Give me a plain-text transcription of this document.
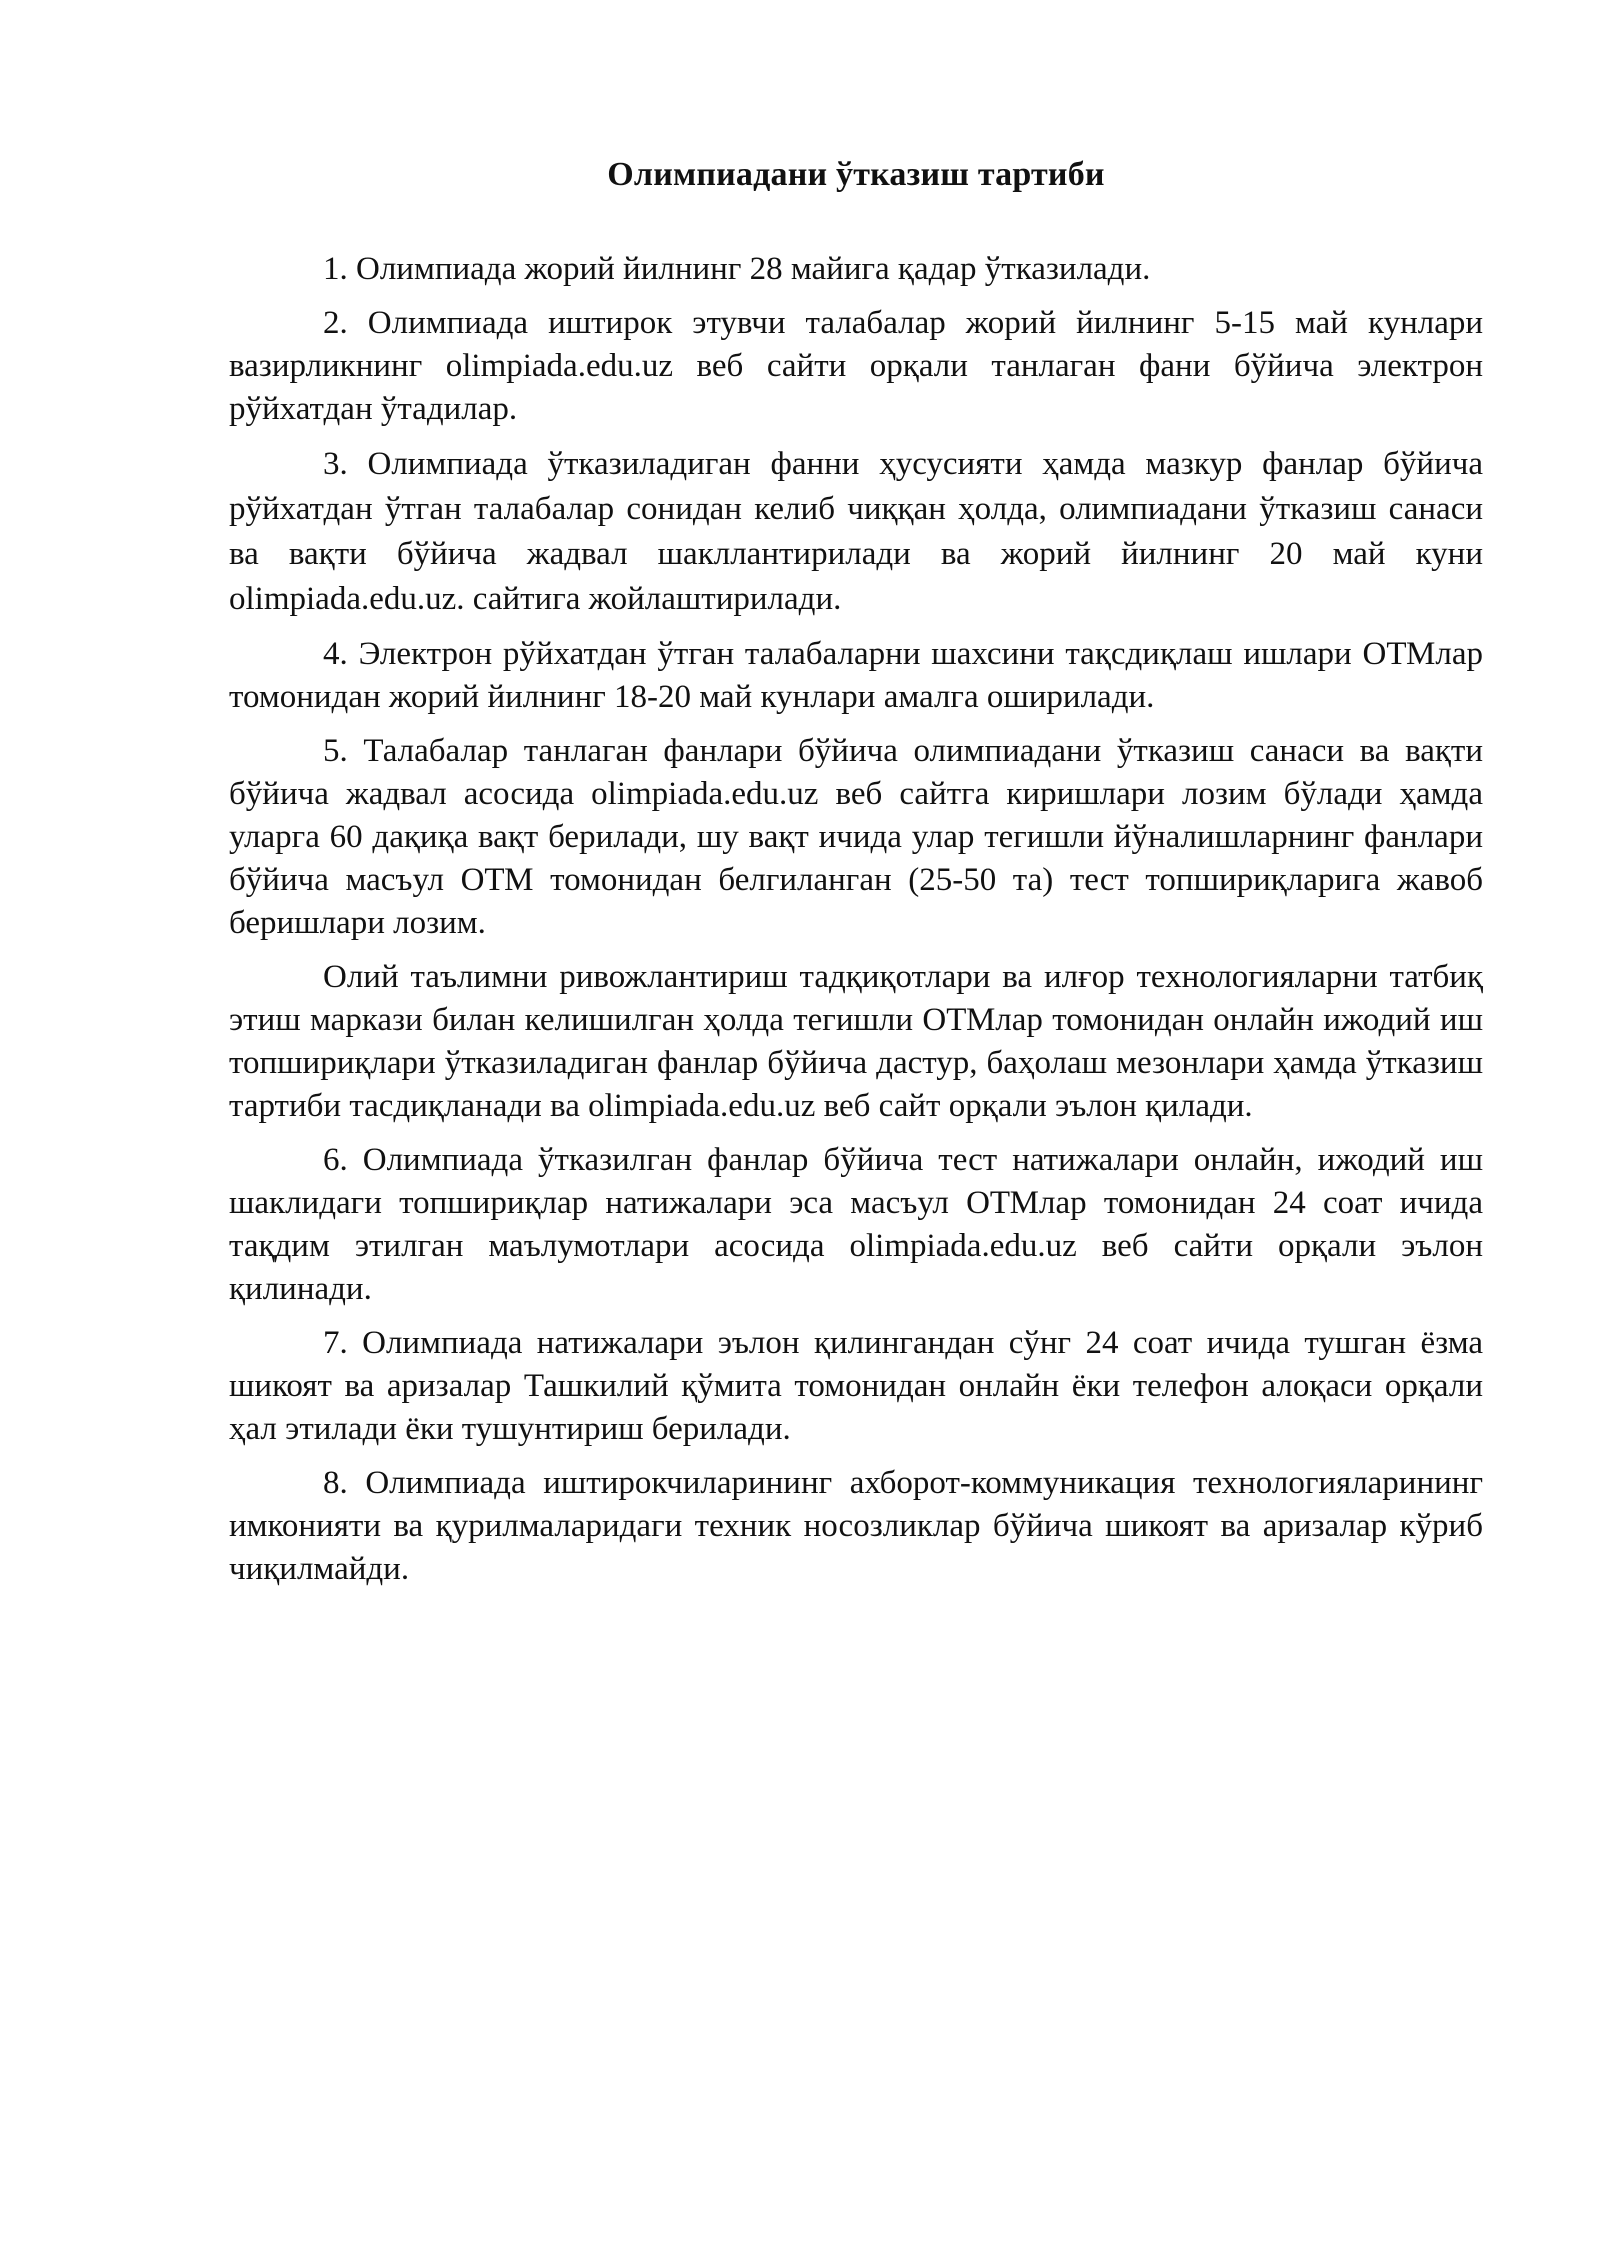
Олимпиадани ўтказиш тартиби

1. Олимпиада жорий йилнинг 28 майига қадар ўтказилади.

2. Олимпиада иштирок этувчи талабалар жорий йилнинг 5-15 май кунлари вазирликнинг olimpiada.edu.uz веб сайти орқали танлаган фани бўйича электрон рўйхатдан ўтадилар.

3. Олимпиада ўтказиладиган фанни ҳусусияти ҳамда мазкур фанлар бўйича рўйхатдан ўтган талабалар сонидан келиб чиққан ҳолда, олимпиадани ўтказиш санаси ва вақти бўйича жадвал шакллантирилади ва жорий йилнинг 20 май куни olimpiada.edu.uz. сайтига жойлаштирилади.

4. Электрон рўйхатдан ўтган талабаларни шахсини тақсдиқлаш ишлари ОТМлар томонидан жорий йилнинг 18-20 май кунлари амалга оширилади.

5. Талабалар танлаган фанлари бўйича олимпиадани ўтказиш санаси ва вақти бўйича жадвал асосида olimpiada.edu.uz веб сайтга киришлари лозим бўлади ҳамда уларга 60 дақиқа вақт берилади, шу вақт ичида улар тегишли йўналишларнинг фанлари бўйича масъул ОТМ томонидан белгиланган (25-50 та) тест топшириқларига жавоб беришлари лозим.

Олий таълимни ривожлантириш тадқиқотлари ва илғор технологияларни татбиқ этиш маркази билан келишилган ҳолда тегишли ОТМлар томонидан онлайн ижодий иш топшириқлари ўтказиладиган фанлар бўйича дастур, баҳолаш мезонлари ҳамда ўтказиш тартиби тасдиқланади ва olimpiada.edu.uz веб сайт орқали эълон қилади.

6. Олимпиада ўтказилган фанлар бўйича тест натижалари онлайн, ижодий иш шаклидаги топшириқлар натижалари эса масъул ОТМлар томонидан 24 соат ичида тақдим этилган маълумотлари асосида olimpiada.edu.uz веб сайти орқали эълон қилинади.

7. Олимпиада натижалари эълон қилингандан сўнг 24 соат ичида тушган ёзма шикоят ва аризалар Ташкилий қўмита томонидан онлайн ёки телефон алоқаси орқали ҳал этилади ёки тушунтириш берилади.

8. Олимпиада иштирокчиларининг ахборот-коммуникация технологияларининг имконияти ва қурилмаларидаги техник носозликлар бўйича шикоят ва аризалар кўриб чиқилмайди.
